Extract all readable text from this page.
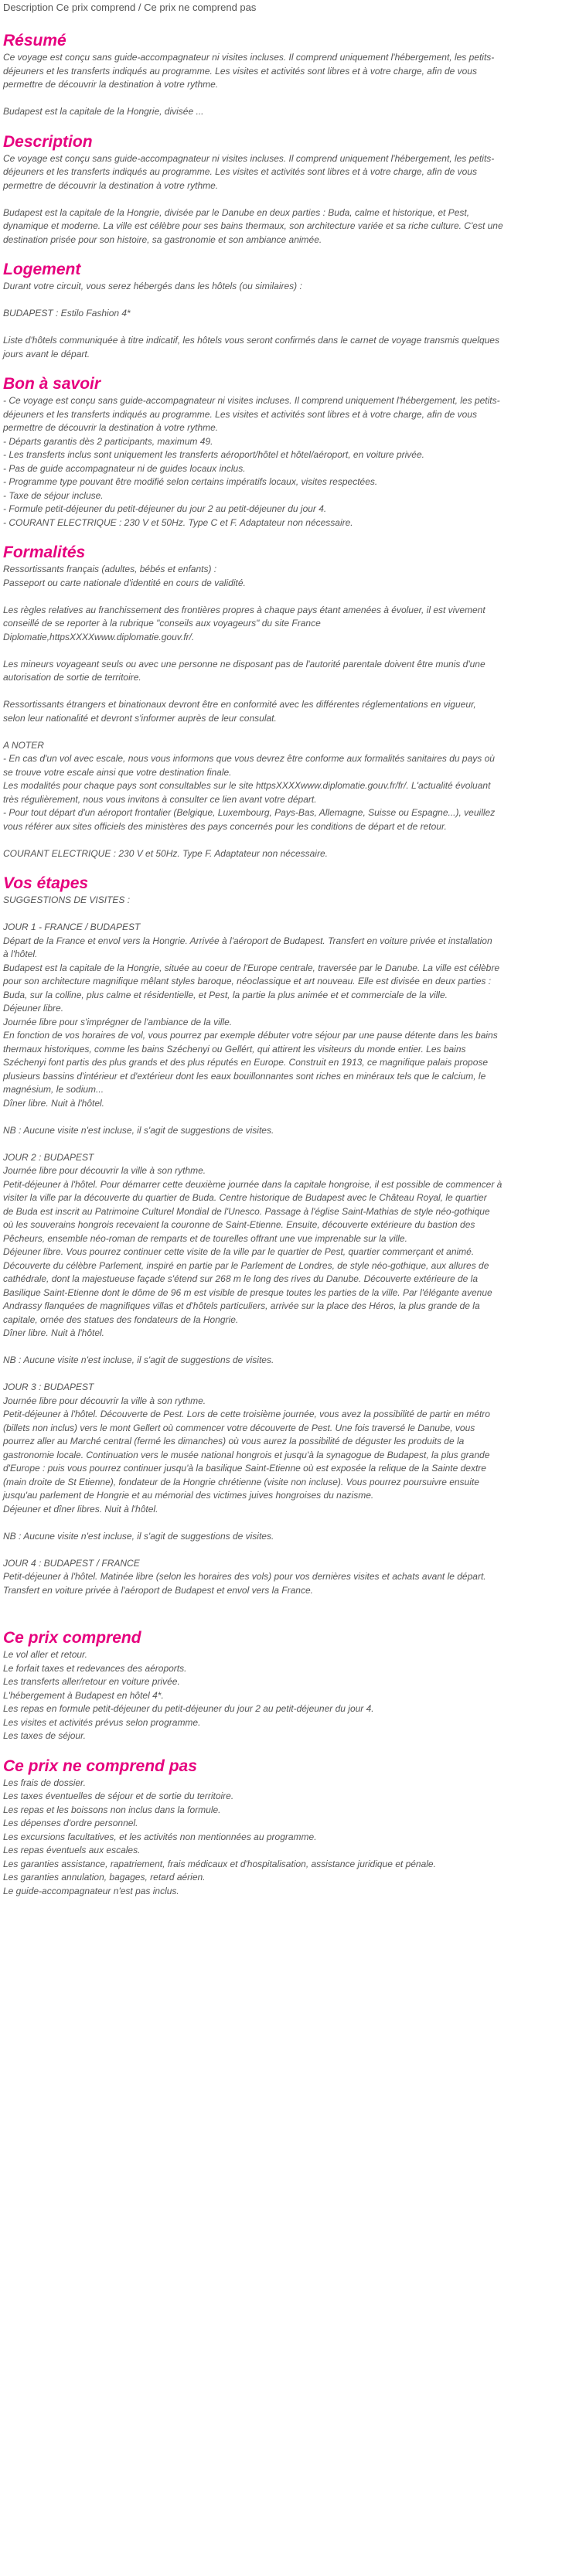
Description Ce prix comprend / Ce prix ne comprend pas
Résumé
Ce voyage est conçu sans guide-accompagnateur ni visites incluses. Il comprend uniquement l'hébergement, les petits-
déjeuners et les transferts indiqués au programme. Les visites et activités sont libres et à votre charge, afin de vous
permettre de découvrir la destination à votre rythme.
Budapest est la capitale de la Hongrie, divisée ...
Description
Ce voyage est conçu sans guide-accompagnateur ni visites incluses. Il comprend uniquement l'hébergement, les petits-
déjeuners et les transferts indiqués au programme. Les visites et activités sont libres et à votre charge, afin de vous
permettre de découvrir la destination à votre rythme.
Budapest est la capitale de la Hongrie, divisée par le Danube en deux parties : Buda, calme et historique, et Pest,
dynamique et moderne. La ville est célèbre pour ses bains thermaux, son architecture variée et sa riche culture. C'est une
destination prisée pour son histoire, sa gastronomie et son ambiance animée.
Logement
Durant votre circuit, vous serez hébergés dans les hôtels (ou similaires) :
BUDAPEST : Estilo Fashion 4*
Liste d'hôtels communiquée à titre indicatif, les hôtels vous seront confirmés dans le carnet de voyage transmis quelques
jours avant le départ.
Bon à savoir
- Ce voyage est conçu sans guide-accompagnateur ni visites incluses. Il comprend uniquement l'hébergement, les petits-
déjeuners et les transferts indiqués au programme. Les visites et activités sont libres et à votre charge, afin de vous
permettre de découvrir la destination à votre rythme.
- Départs garantis dès 2 participants, maximum 49.
- Les transferts inclus sont uniquement les transferts aéroport/hôtel et hôtel/aéroport, en voiture privée.
- Pas de guide accompagnateur ni de guides locaux inclus.
- Programme type pouvant être modifié selon certains impératifs locaux, visites respectées.
- Taxe de séjour incluse.
- Formule petit-déjeuner du petit-déjeuner du jour 2 au petit-déjeuner du jour 4.
- COURANT ELECTRIQUE : 230 V et 50Hz. Type C et F. Adaptateur non nécessaire.
Formalités
Ressortissants français (adultes, bébés et enfants) :
Passeport ou carte nationale d'identité en cours de validité.
Les règles relatives au franchissement des frontières propres à chaque pays étant amenées à évoluer, il est vivement
conseillé de se reporter à la rubrique "conseils aux voyageurs" du site France
Diplomatie,httpsXXXXwww.diplomatie.gouv.fr/.
Les mineurs voyageant seuls ou avec une personne ne disposant pas de l'autorité parentale doivent être munis d'une
autorisation de sortie de territoire.
Ressortissants étrangers et binationaux devront être en conformité avec les différentes réglementations en vigueur,
selon leur nationalité et devront s'informer auprès de leur consulat.
A NOTER
- En cas d'un vol avec escale, nous vous informons que vous devrez être conforme aux formalités sanitaires du pays où
se trouve votre escale ainsi que votre destination finale.
Les modalités pour chaque pays sont consultables sur le site httpsXXXXwww.diplomatie.gouv.fr/fr/. L'actualité évoluant
très régulièrement, nous vous invitons à consulter ce lien avant votre départ.
- Pour tout départ d'un aéroport frontalier (Belgique, Luxembourg, Pays-Bas, Allemagne, Suisse ou Espagne...), veuillez
vous référer aux sites officiels des ministères des pays concernés pour les conditions de départ et de retour.
COURANT ELECTRIQUE : 230 V et 50Hz. Type F. Adaptateur non nécessaire.
Vos étapes
SUGGESTIONS DE VISITES :
JOUR 1 - FRANCE / BUDAPEST
Départ de la France et envol vers la Hongrie. Arrivée à l'aéroport de Budapest. Transfert en voiture privée et installation
à l'hôtel.
Budapest est la capitale de la Hongrie, située au coeur de l'Europe centrale, traversée par le Danube. La ville est célèbre
pour son architecture magnifique mêlant styles baroque, néoclassique et art nouveau. Elle est divisée en deux parties :
Buda, sur la colline, plus calme et résidentielle, et Pest, la partie la plus animée et et commerciale de la ville.
Déjeuner libre.
Journée libre pour s'imprégner de l'ambiance de la ville.
En fonction de vos horaires de vol, vous pourrez par exemple débuter votre séjour par une pause détente dans les bains
thermaux historiques, comme les bains Széchenyi ou Gellért, qui attirent les visiteurs du monde entier. Les bains
Széchenyi font partis des plus grands et des plus réputés en Europe. Construit en 1913, ce magnifique palais propose
plusieurs bassins d'intérieur et d'extérieur dont les eaux bouillonnantes sont riches en minéraux tels que le calcium, le
magnésium, le sodium...
Dîner libre. Nuit à l'hôtel.
NB : Aucune visite n'est incluse, il s'agit de suggestions de visites.
JOUR 2 : BUDAPEST
Journée libre pour découvrir la ville à son rythme.
Petit-déjeuner à l'hôtel. Pour démarrer cette deuxième journée dans la capitale hongroise, il est possible de commencer à
visiter la ville par la découverte du quartier de Buda. Centre historique de Budapest avec le Château Royal, le quartier
de Buda est inscrit au Patrimoine Culturel Mondial de l'Unesco. Passage à l'église Saint-Mathias de style néo-gothique
où les souverains hongrois recevaient la couronne de Saint-Etienne. Ensuite, découverte extérieure du bastion des
Pêcheurs, ensemble néo-roman de remparts et de tourelles offrant une vue imprenable sur la ville.
Déjeuner libre. Vous pourrez continuer cette visite de la ville par le quartier de Pest, quartier commerçant et animé.
Découverte du célèbre Parlement, inspiré en partie par le Parlement de Londres, de style néo-gothique, aux allures de
cathédrale, dont la majestueuse façade s'étend sur 268 m le long des rives du Danube. Découverte extérieure de la
Basilique Saint-Etienne dont le dôme de 96 m est visible de presque toutes les parties de la ville. Par l'élégante avenue
Andrassy flanquées de magnifiques villas et d'hôtels particuliers, arrivée sur la place des Héros, la plus grande de la
capitale, ornée des statues des fondateurs de la Hongrie.
Dîner libre. Nuit à l'hôtel.
NB : Aucune visite n'est incluse, il s'agit de suggestions de visites.
JOUR 3 : BUDAPEST
Journée libre pour découvrir la ville à son rythme.
Petit-déjeuner à l'hôtel. Découverte de Pest. Lors de cette troisième journée, vous avez la possibilité de partir en métro
(billets non inclus) vers le mont Gellert où commencer votre découverte de Pest. Une fois traversé le Danube, vous
pourrez aller au Marché central (fermé les dimanches) où vous aurez la possibilité de déguster les produits de la
gastronomie locale. Continuation vers le musée national hongrois et jusqu'à la synagogue de Budapest, la plus grande
d'Europe : puis vous pourrez continuer jusqu'à la basilique Saint-Etienne où est exposée la relique de la Sainte dextre
(main droite de St Etienne), fondateur de la Hongrie chrétienne (visite non incluse). Vous pourrez poursuivre ensuite
jusqu'au parlement de Hongrie et au mémorial des victimes juives hongroises du nazisme.
Déjeuner et dîner libres. Nuit à l'hôtel.
NB : Aucune visite n'est incluse, il s'agit de suggestions de visites.
JOUR 4 : BUDAPEST / FRANCE
Petit-déjeuner à l'hôtel. Matinée libre (selon les horaires des vols) pour vos dernières visites et achats avant le départ.
Transfert en voiture privée à l'aéroport de Budapest et envol vers la France.
Ce prix comprend
Le vol aller et retour.
Le forfait taxes et redevances des aéroports.
Les transferts aller/retour en voiture privée.
L'hébergement à Budapest en hôtel 4*.
Les repas en formule petit-déjeuner du petit-déjeuner du jour 2 au petit-déjeuner du jour 4.
Les visites et activités prévus selon programme.
Les taxes de séjour.
Ce prix ne comprend pas
Les frais de dossier.
Les taxes éventuelles de séjour et de sortie du territoire.
Les repas et les boissons non inclus dans la formule.
Les dépenses d'ordre personnel.
Les excursions facultatives, et les activités non mentionnées au programme.
Les repas éventuels aux escales.
Les garanties assistance, rapatriement, frais médicaux et d'hospitalisation, assistance juridique et pénale.
Les garanties annulation, bagages, retard aérien.
Le guide-accompagnateur n'est pas inclus.
